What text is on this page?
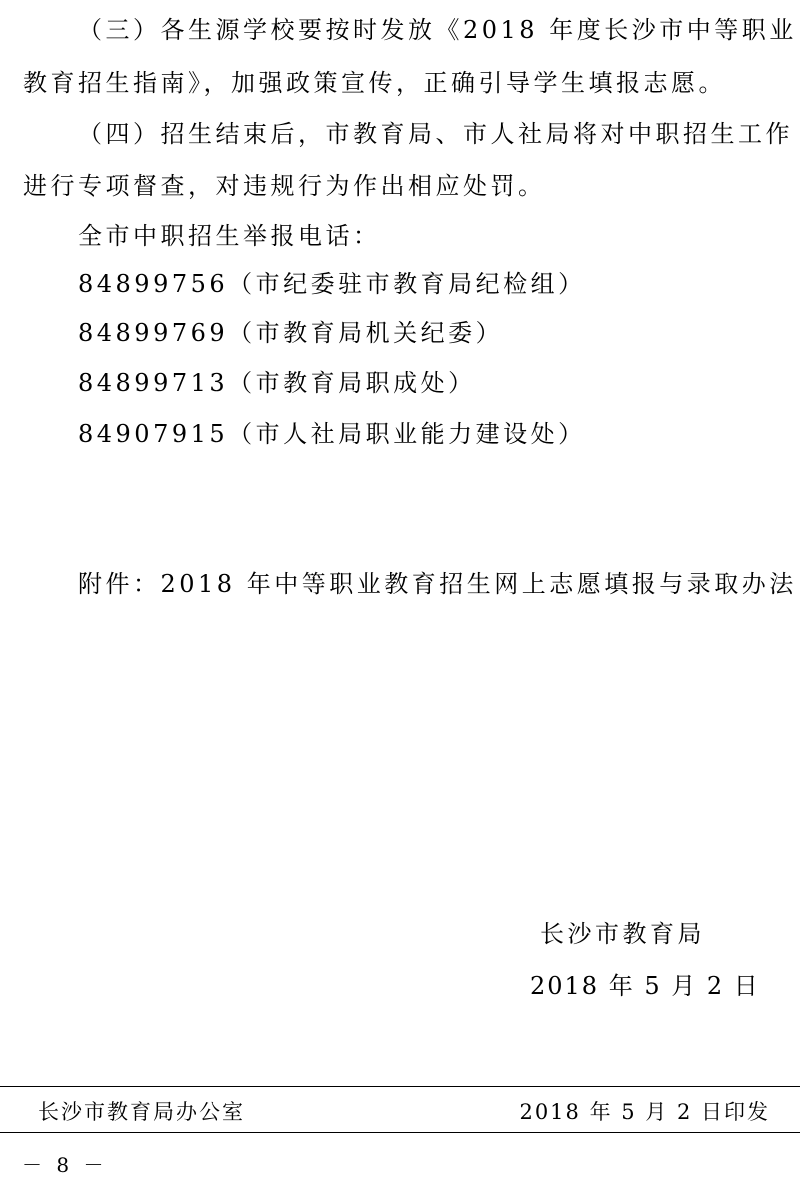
（三）各生源学校要按时发放《2018 年度长沙市中等职业
教育招生指南》，加强政策宣传，正确引导学生填报志愿。
（四）招生结束后，市教育局、市人社局将对中职招生工作
进行专项督查，对违规行为作出相应处罚。
全市中职招生举报电话：
84899756（市纪委驻市教育局纪检组）
84899769（市教育局机关纪委）
84899713（市教育局职成处）
84907915（市人社局职业能力建设处）
附件：2018 年中等职业教育招生网上志愿填报与录取办法
长沙市教育局
2018 年 5 月 2 日
长沙市教育局办公室	2018 年 5 月 2 日印发
－ 8 －
